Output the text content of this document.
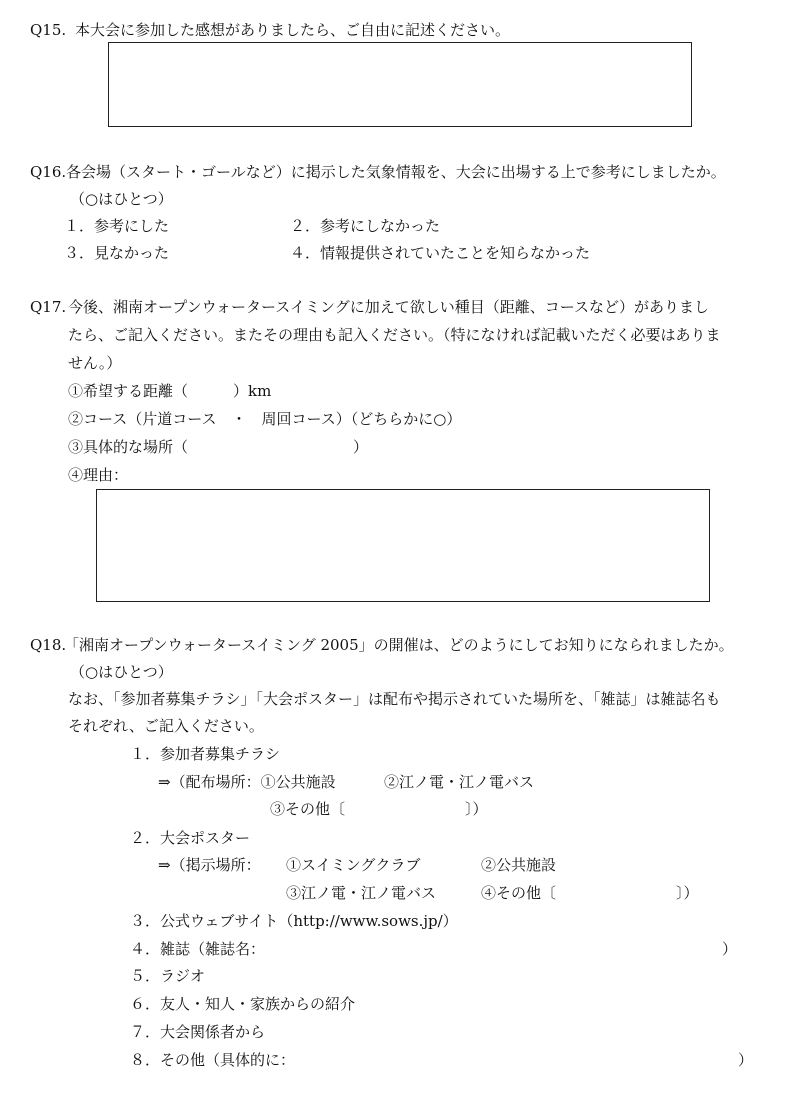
Q15. 本大会に参加した感想がありましたら、ご自由に記述ください。
Q16. 各会場（スタート・ゴールなど）に掲示した気象情報を、大会に出場する上で参考にしましたか。
（○はひとつ）
１．参考にした	２．参考にしなかった
３．見なかった	４．情報提供されていたことを知らなかった
Q17. 今後、湘南オープンウォータースイミングに加えて欲しい種目（距離、コースなど）がありまし
たら、ご記入ください。またその理由も記入ください。（特になければ記載いただく必要はありま
せん。）
①希望する距離（　　　）km
②コース（片道コース　・　周回コース）（どちらかに○）
③具体的な場所（　　　　　　　　　　　）
④理由：
Q18.
「湘南オープンウォータースイミング 2005」の開催は、どのようにしてお知りになられましたか。
（○はひとつ）
なお、「参加者募集チラシ」「大会ポスター」は配布や掲示されていた場所を、「雑誌」は雑誌名も
それぞれ、ご記入ください。
１．参加者募集チラシ
⇒（配布場所：①公共施設	②江ノ電・江ノ電バス
③その他〔　　　　　　　　〕）
２．大会ポスター
⇒（掲示場所： ①スイミングクラブ	②公共施設
③江ノ電・江ノ電バス	④その他〔　　　　　　　　〕）
３．公式ウェブサイト（http://www.sows.jp/）
４．雑誌（雑誌名：	）
５．ラジオ
６．友人・知人・家族からの紹介
７．大会関係者から
８．その他（具体的に：	）
